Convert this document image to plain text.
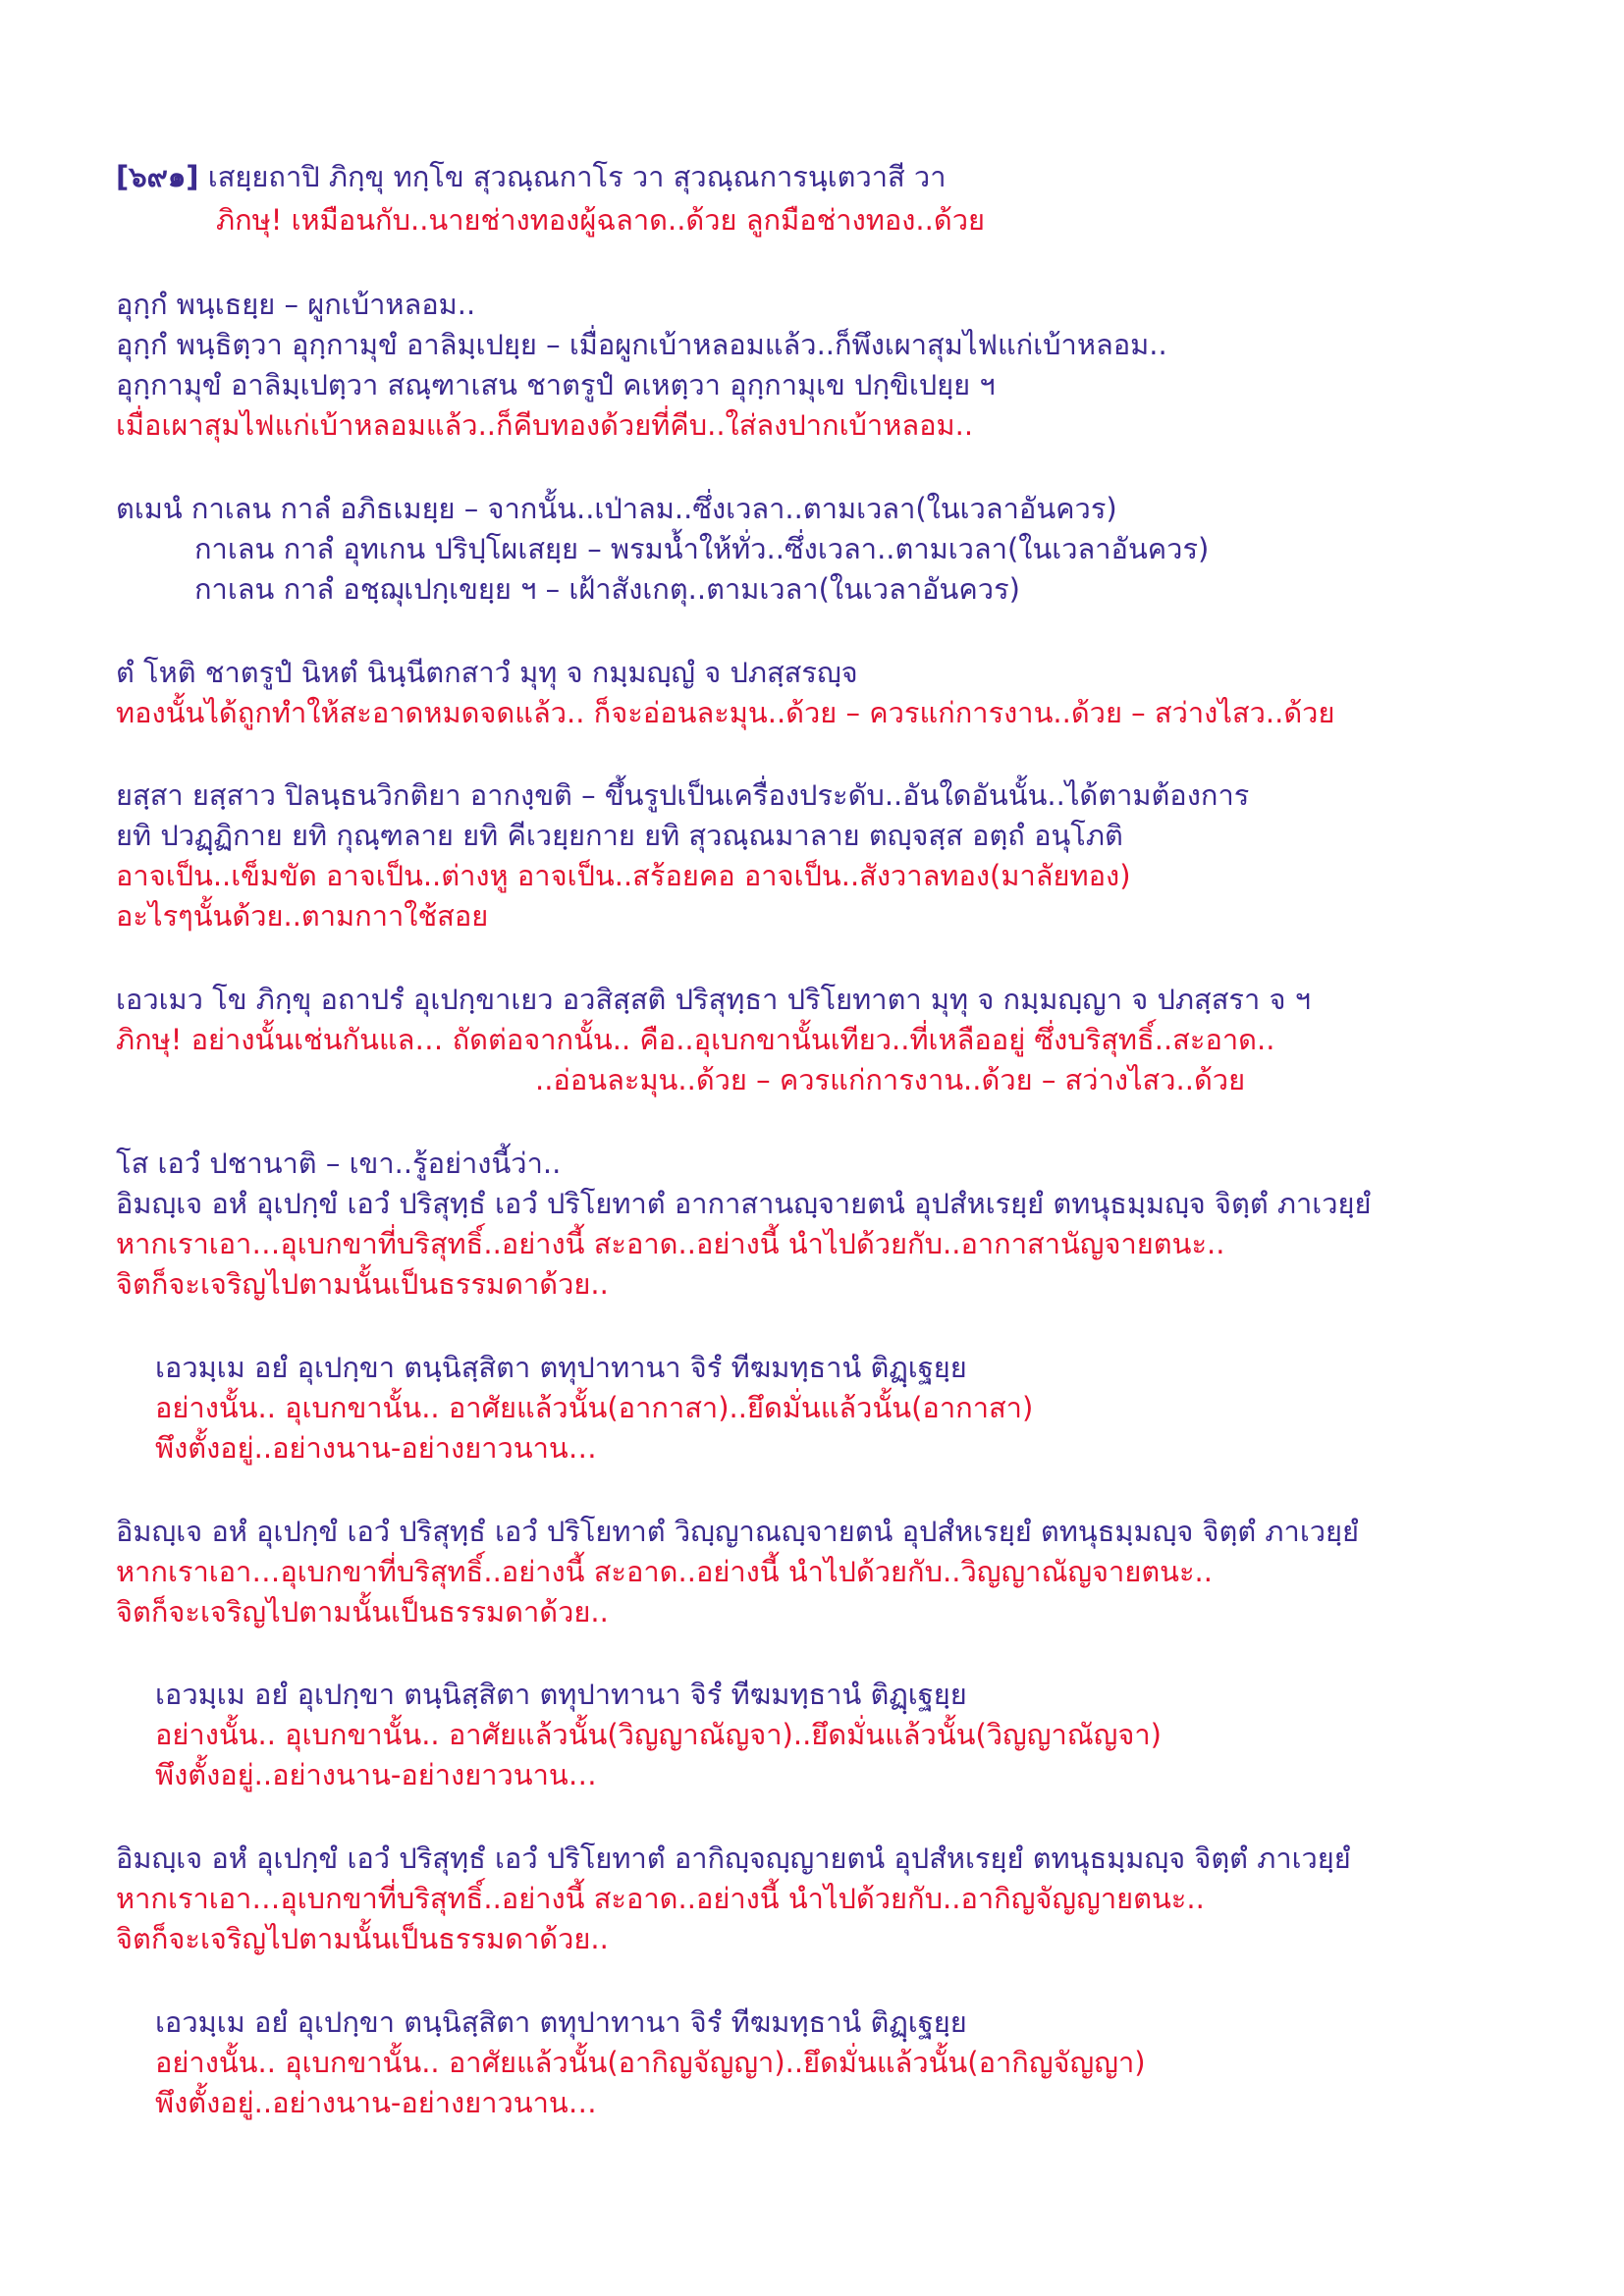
[๖๙๑] เสยฺยถาปิ ภิกฺขุ ทกฺโข สุวณฺณกาโร วา สุวณฺณการนฺเตวาสี วา
ภิกษุ! เหมือนกับ..นายช่างทองผู้ฉลาด..ด้วย ลูกมือช่างทอง..ด้วย
อุกฺกํ พนฺเธยฺย – ผูกเบ้าหลอม..
อุกฺกํ พนฺธิตฺวา อุกฺกามุขํ อาลิมฺเปยฺย – เมื่อผูกเบ้าหลอมแล้ว..ก็พึงเผาสุมไฟแก่เบ้าหลอม..
อุกฺกามุขํ อาลิมฺเปตฺวา สณฺฑาเสน ชาตรูปํ คเหตฺวา อุกฺกามุเข ปกฺขิเปยฺย ฯ
เมื่อเผาสุมไฟแก่เบ้าหลอมแล้ว..ก็คีบทองด้วยที่คีบ..ใส่ลงปากเบ้าหลอม..
ตเมนํ กาเลน กาลํ อภิธเมยฺย – จากนั้น..เป่าลม..ซึ่งเวลา..ตามเวลา(ในเวลาอันควร)
กาเลน กาลํ อุทเกน ปริปฺโผเสยฺย – พรมน้ำให้ทั่ว..ซึ่งเวลา..ตามเวลา(ในเวลาอันควร)
กาเลน กาลํ อชฺฌุเปกฺเขยฺย ฯ – เฝ้าสังเกตุ..ตามเวลา(ในเวลาอันควร)
ตํ โหติ ชาตรูปํ นิหตํ นินฺนีตกสาวํ มุทุ จ กมฺมญฺญํ จ ปภสฺสรญฺจ
ทองนั้นได้ถูกทำให้สะอาดหมดจดแล้ว.. ก็จะอ่อนละมุน..ด้วย – ควรแก่การงาน..ด้วย – สว่างไสว..ด้วย
ยสฺสา ยสฺสาว ปิลนฺธนวิกติยา อากงฺขติ – ขึ้นรูปเป็นเครื่องประดับ..อันใดอันนั้น..ได้ตามต้องการ
ยทิ ปวฏฺฏิกาย ยทิ กุณฺฑลาย ยทิ คีเวยฺยกาย ยทิ สุวณฺณมาลาย ตญฺจสฺส อตฺถํ อนุโภติ
อาจเป็น..เข็มขัด อาจเป็น..ต่างหู อาจเป็น..สร้อยคอ อาจเป็น..สังวาลทอง(มาลัยทอง)
อะไรๆนั้นด้วย..ตามกาาใช้สอย
เอวเมว โข ภิกฺขุ อถาปรํ อุเปกฺขาเยว อวสิสฺสติ ปริสุทฺธา ปริโยทาตา มุทุ จ กมฺมญฺญา จ ปภสฺสรา จ ฯ
ภิกษุ! อย่างนั้นเช่นกันแล… ถัดต่อจากนั้น.. คือ..อุเบกขานั้นเทียว..ที่เหลืออยู่ ซึ่งบริสุทธิ์..สะอาด..
..อ่อนละมุน..ด้วย – ควรแก่การงาน..ด้วย – สว่างไสว..ด้วย
โส เอวํ ปชานาติ – เขา..รู้อย่างนี้ว่า..
อิมญฺเจ อหํ อุเปกฺขํ เอวํ ปริสุทฺธํ เอวํ ปริโยทาตํ อากาสานญฺจายตนํ อุปสํหเรยฺยํ ตทนุธมฺมญฺจ จิตฺตํ ภาเวยฺยํ
หากเราเอา…อุเบกขาที่บริสุทธิ์..อย่างนี้ สะอาด..อย่างนี้ นำไปด้วยกับ..อากาสานัญจายตนะ..
จิตก็จะเจริญไปตามนั้นเป็นธรรมดาด้วย..
เอวมฺเม อยํ อุเปกฺขา ตนฺนิสฺสิตา ตทุปาทานา จิรํ ทีฆมทฺธานํ ติฏฺเฐยฺย
อย่างนั้น.. อุเบกขานั้น.. อาศัยแล้วนั้น(อากาสา)..ยึดมั่นแล้วนั้น(อากาสา)
พึงตั้งอยู่..อย่างนาน-อย่างยาวนาน…
อิมญฺเจ อหํ อุเปกฺขํ เอวํ ปริสุทฺธํ เอวํ ปริโยทาตํ วิญฺญาณญฺจายตนํ อุปสํหเรยฺยํ ตทนุธมฺมญฺจ จิตฺตํ ภาเวยฺยํ
หากเราเอา…อุเบกขาที่บริสุทธิ์..อย่างนี้ สะอาด..อย่างนี้ นำไปด้วยกับ..วิญญาณัญจายตนะ..
จิตก็จะเจริญไปตามนั้นเป็นธรรมดาด้วย..
เอวมฺเม อยํ อุเปกฺขา ตนฺนิสฺสิตา ตทุปาทานา จิรํ ทีฆมทฺธานํ ติฏฺเฐยฺย
อย่างนั้น.. อุเบกขานั้น.. อาศัยแล้วนั้น(วิญญาณัญจา)..ยึดมั่นแล้วนั้น(วิญญาณัญจา)
พึงตั้งอยู่..อย่างนาน-อย่างยาวนาน…
อิมญฺเจ อหํ อุเปกฺขํ เอวํ ปริสุทฺธํ เอวํ ปริโยทาตํ อากิญฺจญฺญายตนํ อุปสํหเรยฺยํ ตทนุธมฺมญฺจ จิตฺตํ ภาเวยฺยํ
หากเราเอา…อุเบกขาที่บริสุทธิ์..อย่างนี้ สะอาด..อย่างนี้ นำไปด้วยกับ..อากิญจัญญายตนะ..
จิตก็จะเจริญไปตามนั้นเป็นธรรมดาด้วย..
เอวมฺเม อยํ อุเปกฺขา ตนฺนิสฺสิตา ตทุปาทานา จิรํ ทีฆมทฺธานํ ติฏฺเฐยฺย
อย่างนั้น.. อุเบกขานั้น.. อาศัยแล้วนั้น(อากิญจัญญา)..ยึดมั่นแล้วนั้น(อากิญจัญญา)
พึงตั้งอยู่..อย่างนาน-อย่างยาวนาน…
